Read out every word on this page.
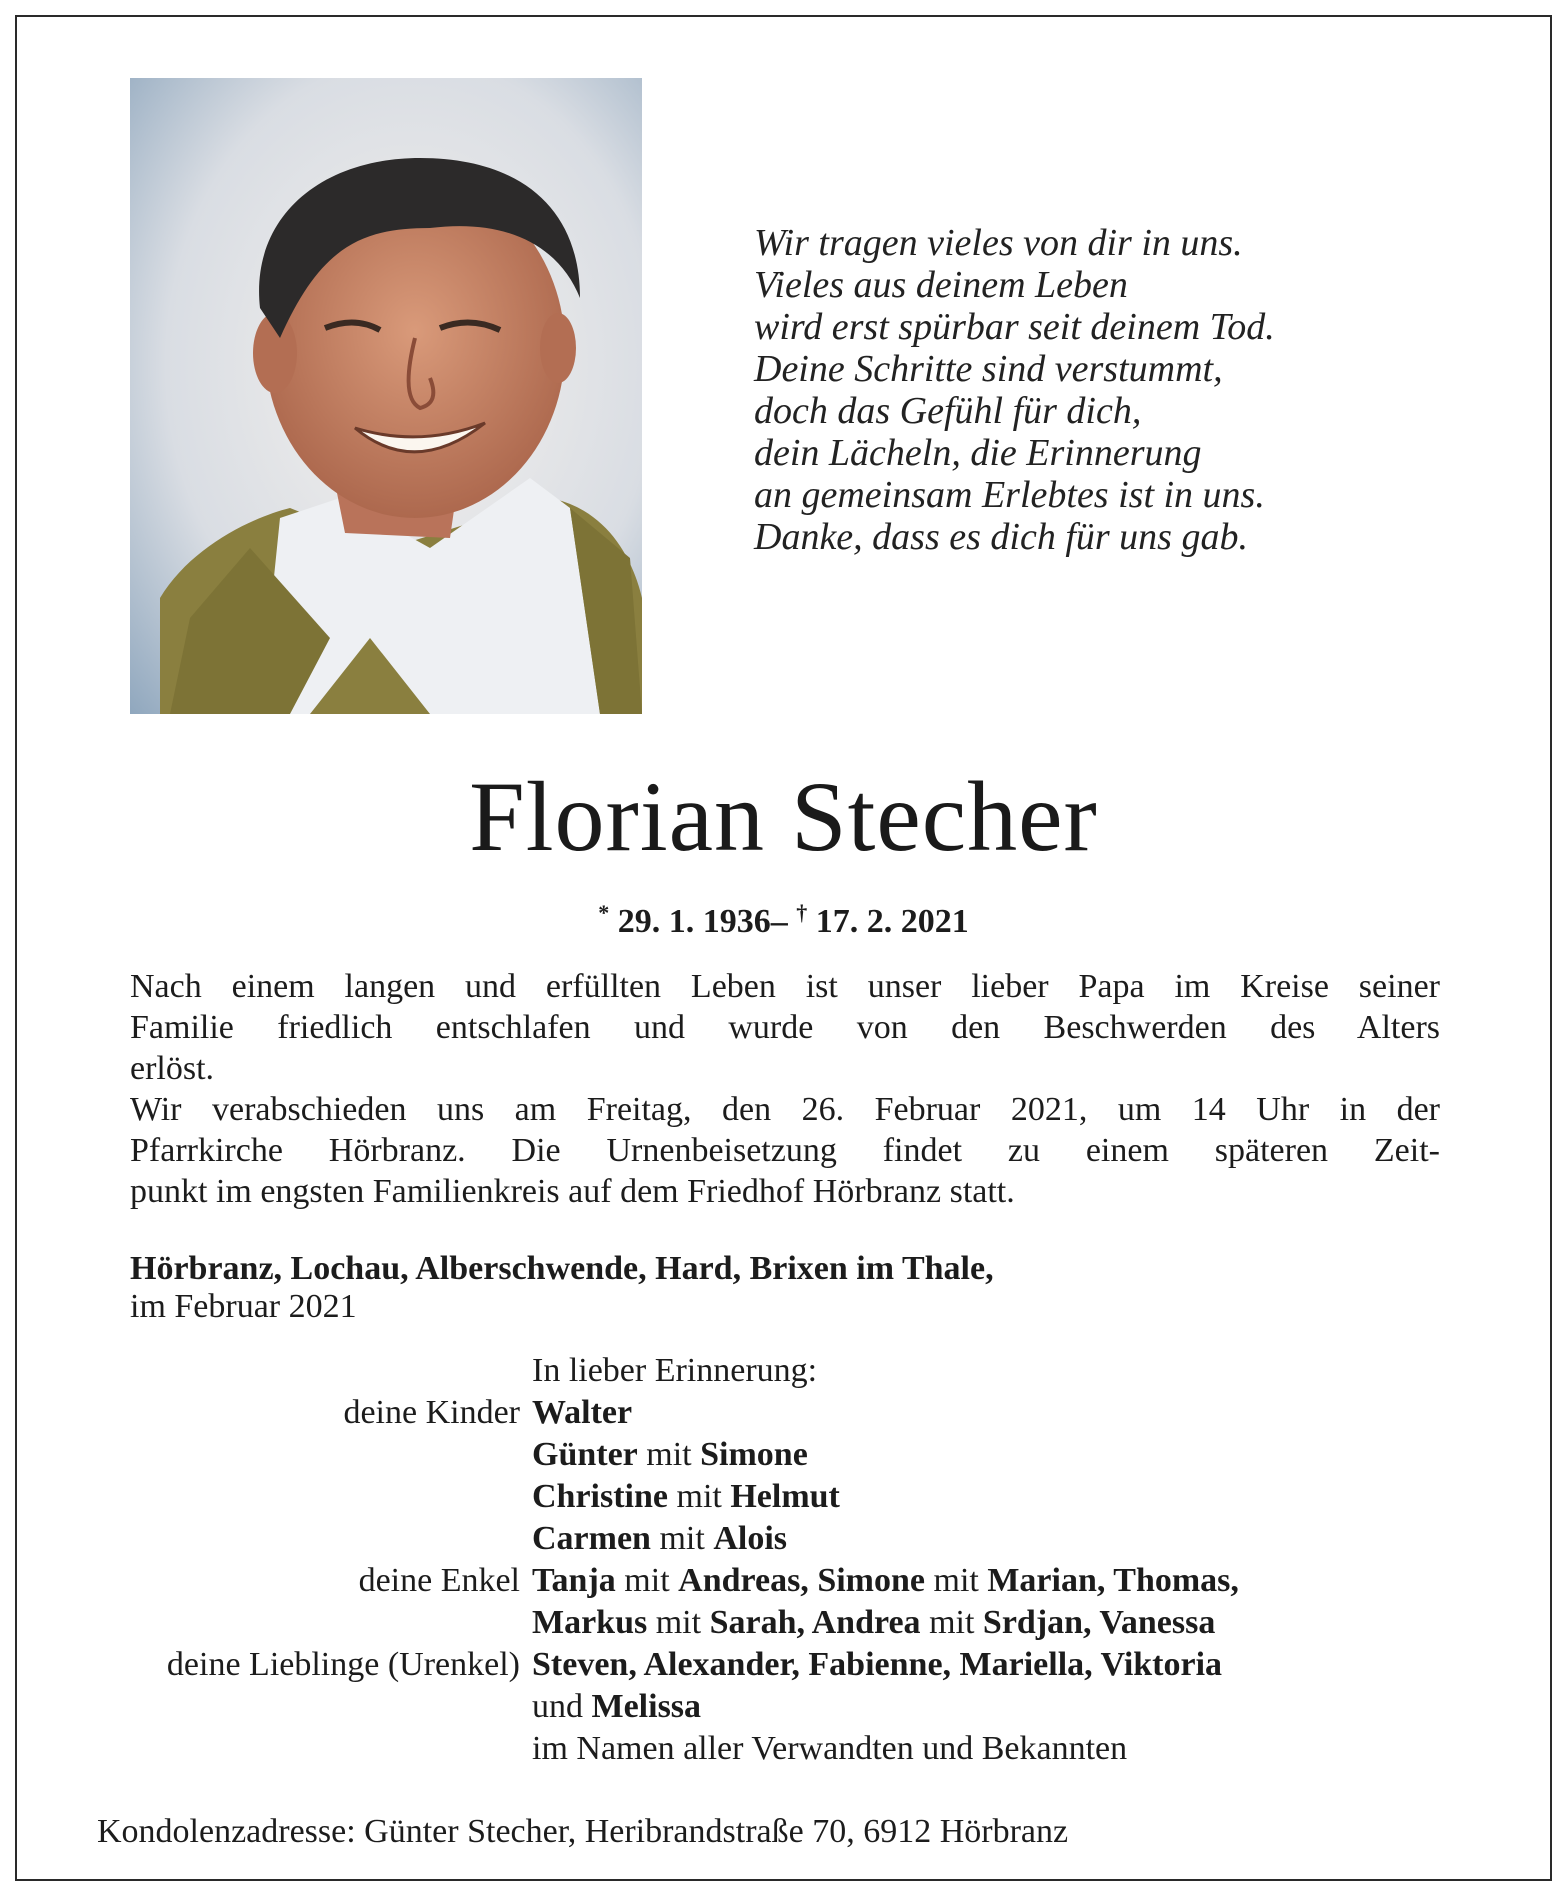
Wir tragen vieles von dir in uns.
Vieles aus deinem Leben
wird erst spürbar seit deinem Tod.
Deine Schritte sind verstummt,
doch das Gefühl für dich,
dein Lächeln, die Erinnerung
an gemeinsam Erlebtes ist in uns.
Danke, dass es dich für uns gab.
Florian Stecher
* 29. 1. 1936– † 17. 2. 2021
Nach einem langen und erfüllten Leben ist unser lieber Papa im Kreise seiner
Familie friedlich entschlafen und wurde von den Beschwerden des Alters
erlöst.
Wir verabschieden uns am Freitag, den 26. Februar 2021, um 14 Uhr in der
Pfarrkirche Hörbranz. Die Urnenbeisetzung findet zu einem späteren Zeit-
punkt im engsten Familienkreis auf dem Friedhof Hörbranz statt.
Hörbranz, Lochau, Alberschwende, Hard, Brixen im Thale,
im Februar 2021
In lieber Erinnerung:
deine Kinder Walter
Günter mit Simone
Christine mit Helmut
Carmen mit Alois
deine Enkel Tanja mit Andreas, Simone mit Marian, Thomas,
Markus mit Sarah, Andrea mit Srdjan, Vanessa
deine Lieblinge (Urenkel) Steven, Alexander, Fabienne, Mariella, Viktoria
und Melissa
im Namen aller Verwandten und Bekannten
Kondolenzadresse: Günter Stecher, Heribrandstraße 70, 6912 Hörbranz
